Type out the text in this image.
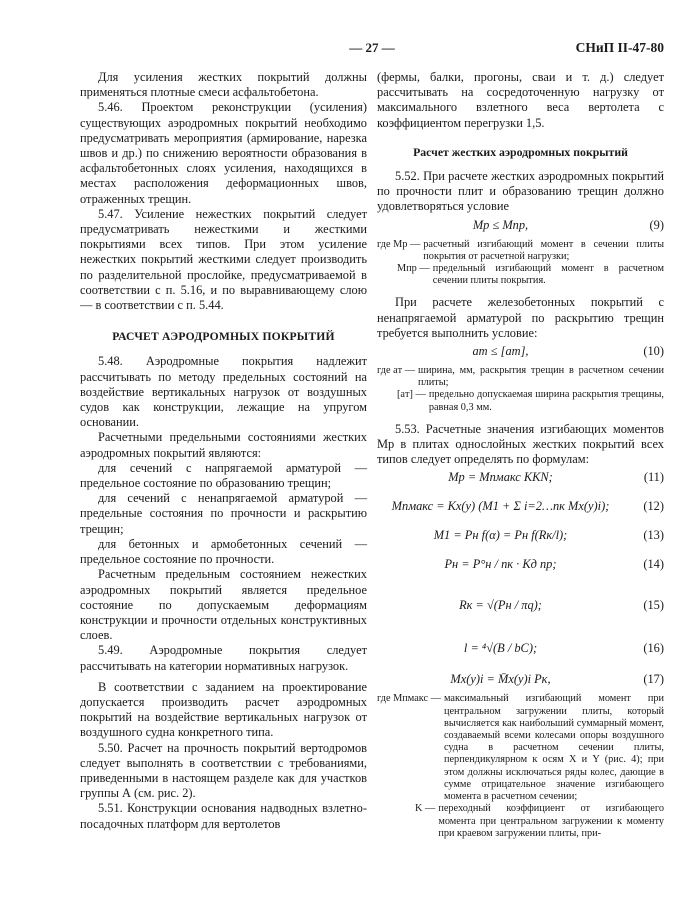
— 27 —	СНиП II-47-80

Для усиления жестких покрытий должны применяться плотные смеси асфальтобетона.

5.46. Проектом реконструкции (усиления) существующих аэродромных покрытий необходимо предусматривать мероприятия (армирование, нарезка швов и др.) по снижению вероятности образования в асфальтобетонных слоях усиления, находящихся в местах расположения деформационных швов, отраженных трещин.

5.47. Усиление нежестких покрытий следует предусматривать нежесткими и жесткими покрытиями всех типов. При этом усиление нежестких покрытий жесткими следует производить по разделительной прослойке, предусматриваемой в соответствии с п. 5.16, и по выравнивающему слою — в соответствии с п. 5.44.

РАСЧЕТ АЭРОДРОМНЫХ ПОКРЫТИЙ

5.48. Аэродромные покрытия надлежит рассчитывать по методу предельных состояний на воздействие вертикальных нагрузок от воздушных судов как конструкции, лежащие на упругом основании.

Расчетными предельными состояниями жестких аэродромных покрытий являются:

для сечений с напрягаемой арматурой — предельное состояние по образованию трещин;

для сечений с ненапрягаемой арматурой — предельные состояния по прочности и раскрытию трещин;

для бетонных и армобетонных сечений — предельное состояние по прочности.

Расчетным предельным состоянием нежестких аэродромных покрытий является предельное состояние по допускаемым деформациям конструкции и прочности отдельных конструктивных слоев.

5.49. Аэродромные покрытия следует рассчитывать на категории нормативных нагрузок.

В соответствии с заданием на проектирование допускается производить расчет аэродромных покрытий на воздействие вертикальных нагрузок от воздушного судна конкретного типа.

5.50. Расчет на прочность покрытий вертодромов следует выполнять в соответствии с требованиями, приведенными в настоящем разделе как для участков группы А (см. рис. 2).

5.51. Конструкции основания надводных взлетно-посадочных платформ для вертолетов

(фермы, балки, прогоны, сваи и т. д.) следует рассчитывать на сосредоточенную нагрузку от максимального взлетного веса вертолета с коэффициентом перегрузки 1,5.

Расчет жестких аэродромных покрытий

5.52. При расчете жестких аэродромных покрытий по прочности плит и образованию трещин должно удовлетворяться условие

Mр ≤ Mпр,	(9)
где Mр — расчетный изгибающий момент в сечении плиты покрытия от расчетной нагрузки;
Mпр — предельный изгибающий момент в расчетном сечении плиты покрытия.

При расчете железобетонных покрытий с ненапрягаемой арматурой по раскрытию трещин требуется выполнить условие:

aт ≤ [aт],	(10)
где aт — ширина, мм, раскрытия трещин в расчетном сечении плиты;
[aт] — предельно допускаемая ширина раскрытия трещины, равная 0,3 мм.

5.53. Расчетные значения изгибающих моментов Mр в плитах однослойных жестких покрытий всех типов следует определять по формулам:

Mр = Mпмакс KKN;	(11)
Mпмакс = Kx(y) (M1 + Σ i=2…nк Mx(y)i);	(12)
M1 = Pн f(α) = Pн f(Rк/l);	(13)
Pн = P°н / nк · Kд nр;	(14)
Rк = √(Pн / πq);	(15)
l = ⁴√(B / bC);	(16)
Mx(y)i = M̄x(y)i Pк,	(17)
где Mпмакс — максимальный изгибающий момент при центральном загружении плиты, который вычисляется как наибольший суммарный момент, создаваемый всеми колесами опоры воздушного судна в расчетном сечении плиты, перпендикулярном к осям X и Y (рис. 4); при этом должны исключаться ряды колес, дающие в сумме отрицательное значение изгибающего момента в расчетном сечении;
K — переходный коэффициент от изгибающего момента при центральном загружении к моменту при краевом загружении плиты, при-
